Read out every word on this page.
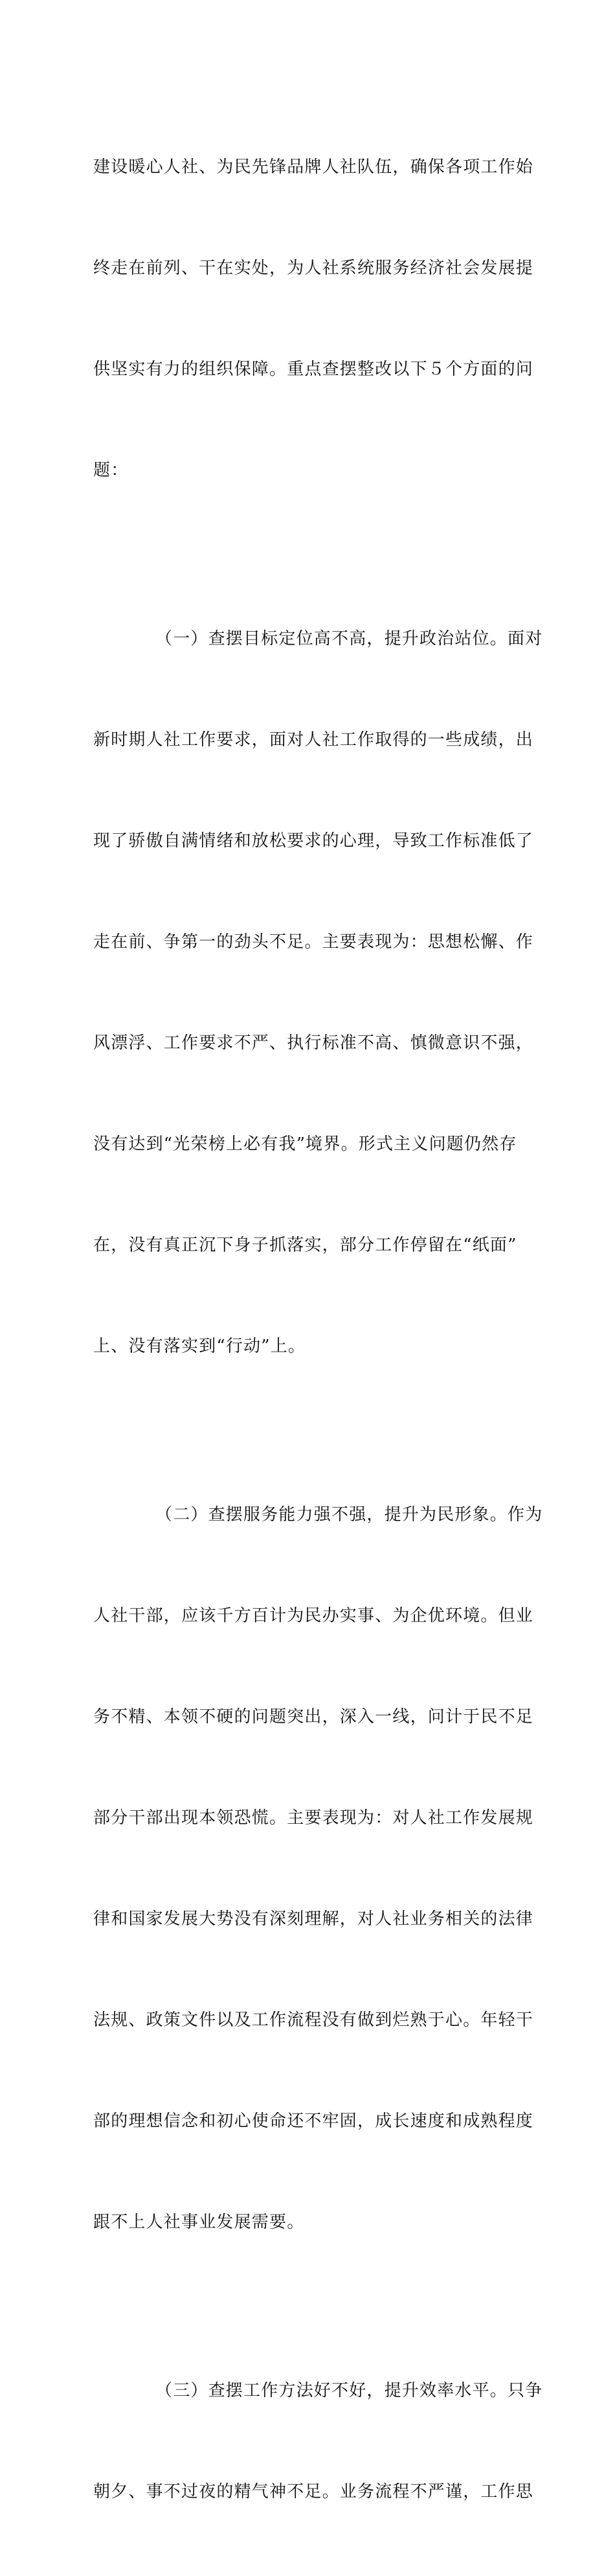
建设暖心人社、为民先锋品牌人社队伍，确保各项工作始

终走在前列、干在实处，为人社系统服务经济社会发展提

供坚实有力的组织保障。重点查摆整改以下５个方面的问

题：

（一）查摆目标定位高不高，提升政治站位。面对

新时期人社工作要求，面对人社工作取得的一些成绩，出

现了骄傲自满情绪和放松要求的心理，导致工作标准低了

走在前、争第一的劲头不足。主要表现为：思想松懈、作

风漂浮、工作要求不严、执行标准不高、慎微意识不强，

没有达到“光荣榜上必有我”境界。形式主义问题仍然存

在，没有真正沉下身子抓落实，部分工作停留在“纸面”

上、没有落实到“行动”上。

（二）查摆服务能力强不强，提升为民形象。作为

人社干部，应该千方百计为民办实事、为企优环境。但业

务不精、本领不硬的问题突出，深入一线，问计于民不足

部分干部出现本领恐慌。主要表现为：对人社工作发展规

律和国家发展大势没有深刻理解，对人社业务相关的法律

法规、政策文件以及工作流程没有做到烂熟于心。年轻干

部的理想信念和初心使命还不牢固，成长速度和成熟程度

跟不上人社事业发展需要。

（三）查摆工作方法好不好，提升效率水平。只争

朝夕、事不过夜的精气神不足。业务流程不严谨，工作思
